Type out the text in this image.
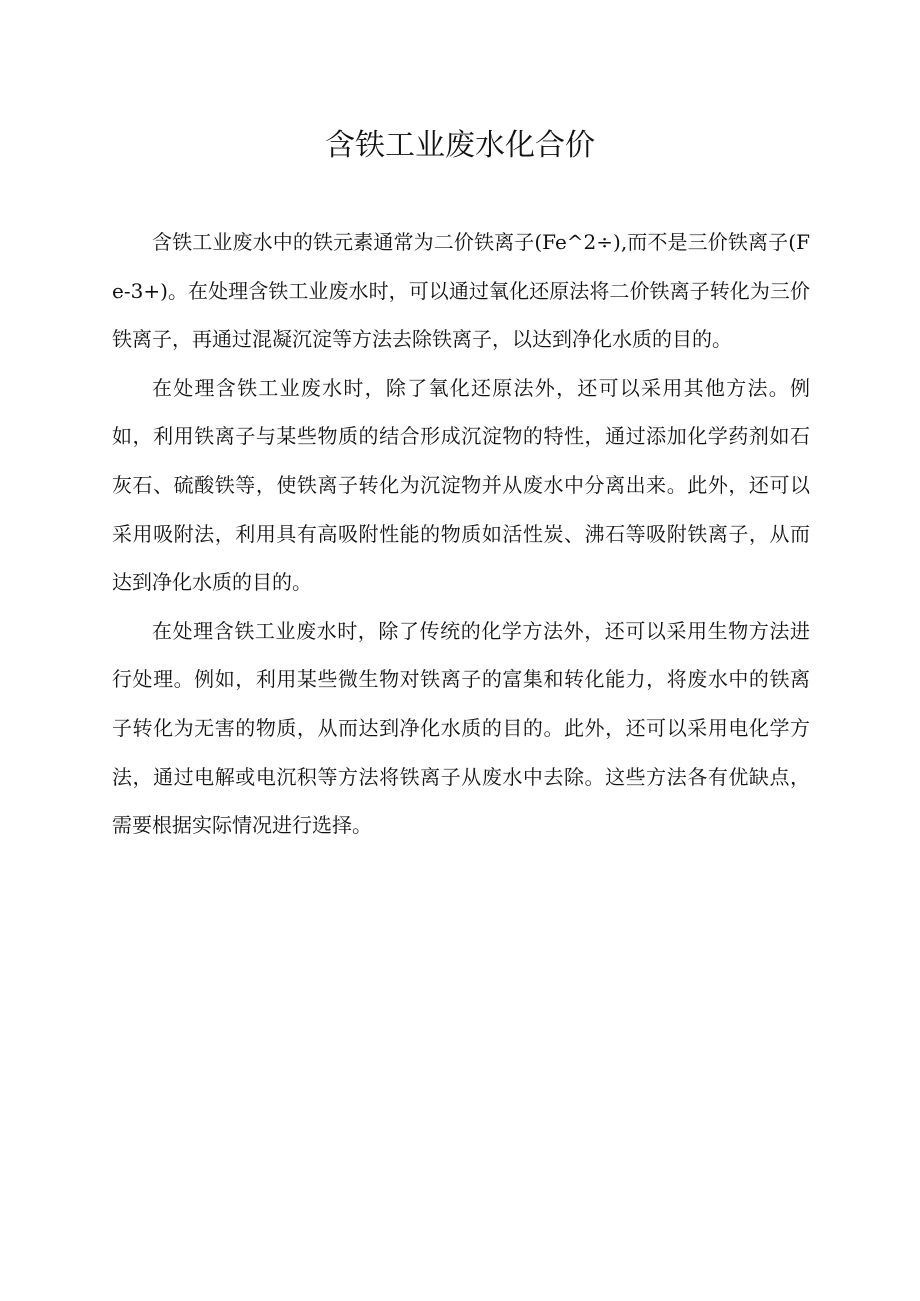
含铁工业废水化合价

含铁工业废水中的铁元素通常为二价铁离子(Fe^2÷),而不是三价铁离子(Fe-3+)。在处理含铁工业废水时，可以通过氧化还原法将二价铁离子转化为三价铁离子，再通过混凝沉淀等方法去除铁离子，以达到净化水质的目的。

在处理含铁工业废水时，除了氧化还原法外，还可以采用其他方法。例如，利用铁离子与某些物质的结合形成沉淀物的特性，通过添加化学药剂如石灰石、硫酸铁等，使铁离子转化为沉淀物并从废水中分离出来。此外，还可以采用吸附法，利用具有高吸附性能的物质如活性炭、沸石等吸附铁离子，从而达到净化水质的目的。

在处理含铁工业废水时，除了传统的化学方法外，还可以采用生物方法进行处理。例如，利用某些微生物对铁离子的富集和转化能力，将废水中的铁离子转化为无害的物质，从而达到净化水质的目的。此外，还可以采用电化学方法，通过电解或电沉积等方法将铁离子从废水中去除。这些方法各有优缺点，需要根据实际情况进行选择。
